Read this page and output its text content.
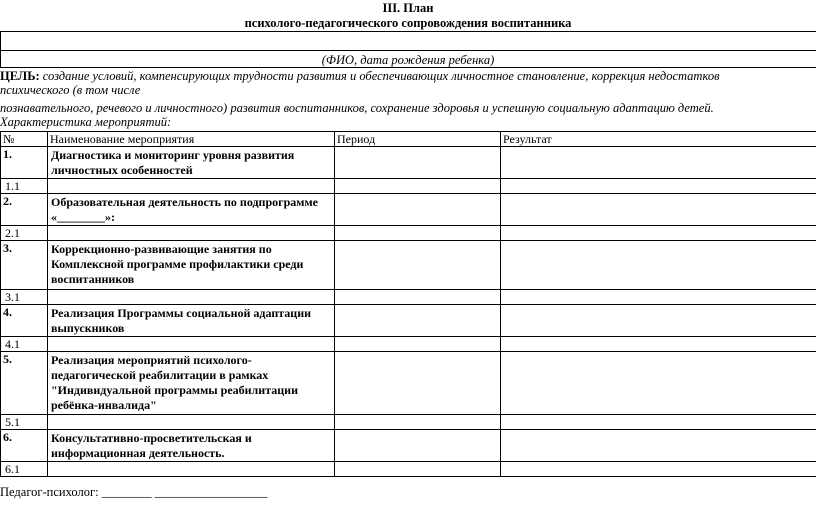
III. План
психолого-педагогического сопровождения воспитанника
(ФИО, дата рождения ребенка)
ЦЕЛЬ: создание условий, компенсирующих трудности развития и обеспечивающих личностное становление, коррекция недостатков
психического (в том числе
познавательного, речевого и личностного) развития воспитанников, сохранение здоровья и успешную социальную адаптацию детей.
Характеристика мероприятий:
№	Наименование мероприятия	Период	Результат
1.	Диагностика и мониторинг уровня развития личностных особенностей		
1.1			
2.	Образовательная деятельность по подпрограмме «________»:		
2.1			
3.	Коррекционно-развивающие занятия по Комплексной программе профилактики среди воспитанников		
3.1			
4.	Реализация Программы социальной адаптации выпускников		
4.1			
5.	Реализация мероприятий психолого-педагогической реабилитации в рамках "Индивидуальной программы реабилитации ребёнка-инвалида"		
5.1			
6.	Консультативно-просветительская и информационная деятельность.		
6.1			
Педагог-психолог: ________ __________________
